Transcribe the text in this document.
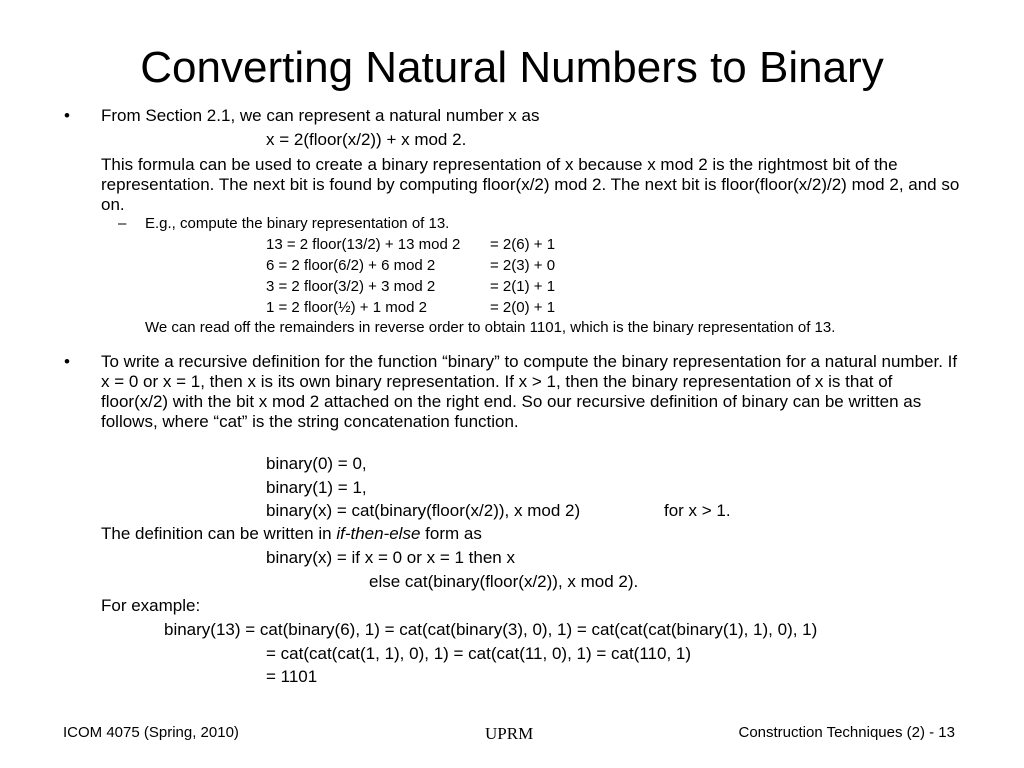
Converting Natural Numbers to Binary
• From Section 2.1, we can represent a natural number x as
x = 2(floor(x/2)) + x mod 2.
This formula can be used to create a binary representation of x because x mod 2 is the rightmost bit of the representation. The next bit is found by computing floor(x/2) mod 2. The next bit is floor(floor(x/2)/2) mod 2, and so on.
– E.g., compute the binary representation of 13.
13 = 2 floor(13/2) + 13 mod 2 = 2(6) + 1
6 = 2 floor(6/2) + 6 mod 2	= 2(3) + 0
3 = 2 floor(3/2) + 3 mod 2	= 2(1) + 1
1 = 2 floor(½) + 1 mod 2	= 2(0) + 1
We can read off the remainders in reverse order to obtain 1101, which is the binary representation of 13.
• To write a recursive definition for the function “binary” to compute the binary representation for a natural number. If x = 0 or x = 1, then x is its own binary representation. If x > 1, then the binary representation of x is that of floor(x/2) with the bit x mod 2 attached on the right end. So our recursive definition of binary can be written as follows, where “cat” is the string concatenation function.
binary(0) = 0,
binary(1) = 1,
binary(x) = cat(binary(floor(x/2)), x mod 2)	for x > 1.
The definition can be written in if-then-else form as
binary(x) = if x = 0 or x = 1 then x
else cat(binary(floor(x/2)), x mod 2).
For example:
binary(13) = cat(binary(6), 1) = cat(cat(binary(3), 0), 1) = cat(cat(cat(binary(1), 1), 0), 1)
= cat(cat(cat(1, 1), 0), 1) = cat(cat(11, 0), 1) = cat(110, 1)
= 1101
ICOM 4075 (Spring, 2010)	UPRM	Construction Techniques (2) - 13
